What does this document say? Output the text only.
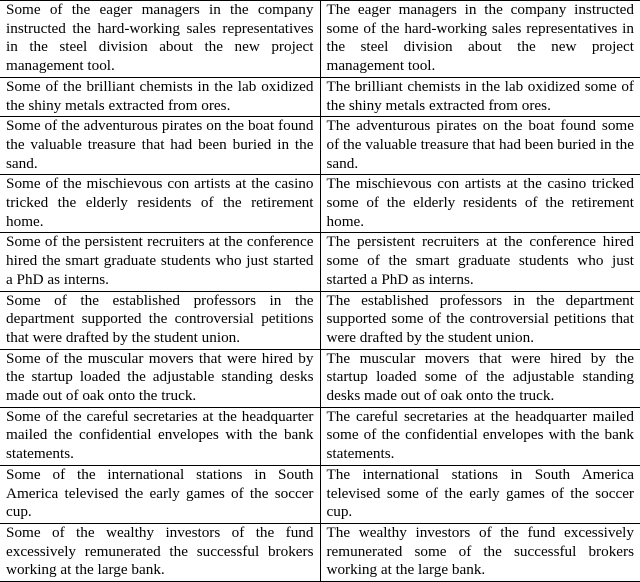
Some of the eager managers in the company instructed the hard-working sales representatives in the steel division about the new project management tool.	The eager managers in the company instructed some of the hard-working sales representatives in the steel division about the new project management tool.
Some of the brilliant chemists in the lab oxidized the shiny metals extracted from ores.	The brilliant chemists in the lab oxidized some of the shiny metals extracted from ores.
Some of the adventurous pirates on the boat found the valuable treasure that had been buried in the sand.	The adventurous pirates on the boat found some of the valuable treasure that had been buried in the sand.
Some of the mischievous con artists at the casino tricked the elderly residents of the retirement home.	The mischievous con artists at the casino tricked some of the elderly residents of the retirement home.
Some of the persistent recruiters at the conference hired the smart graduate students who just started a PhD as interns.	The persistent recruiters at the conference hired some of the smart graduate students who just started a PhD as interns.
Some of the established professors in the department supported the controversial petitions that were drafted by the student union.	The established professors in the department supported some of the controversial petitions that were drafted by the student union.
Some of the muscular movers that were hired by the startup loaded the adjustable standing desks made out of oak onto the truck.	The muscular movers that were hired by the startup loaded some of the adjustable standing desks made out of oak onto the truck.
Some of the careful secretaries at the headquarter mailed the confidential envelopes with the bank statements.	The careful secretaries at the headquarter mailed some of the confidential envelopes with the bank statements.
Some of the international stations in South America televised the early games of the soccer cup.	The international stations in South America televised some of the early games of the soccer cup.
Some of the wealthy investors of the fund excessively remunerated the successful brokers working at the large bank.	The wealthy investors of the fund excessively remunerated some of the successful brokers working at the large bank.
